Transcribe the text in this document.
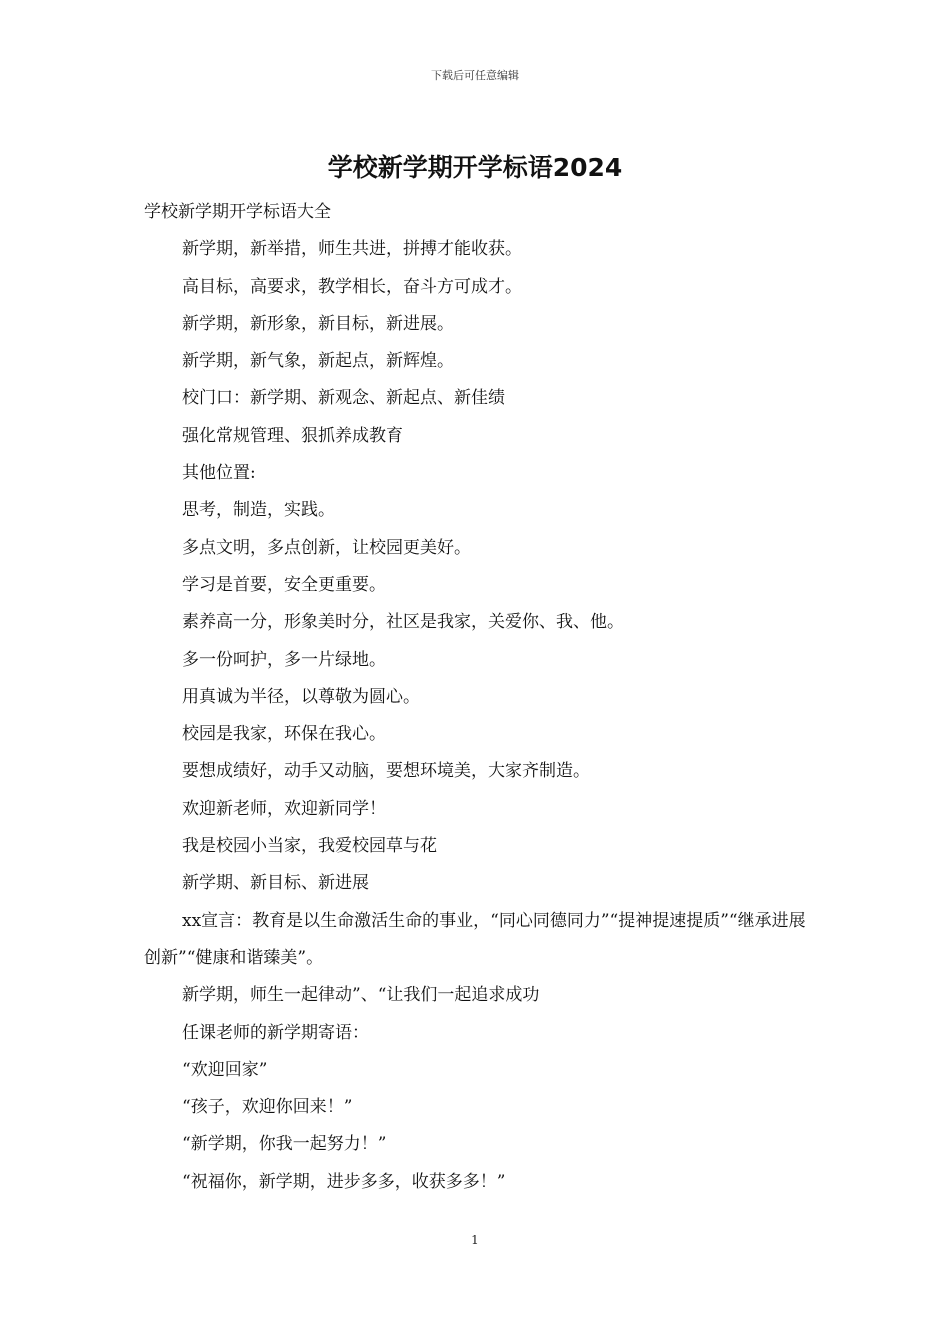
下载后可任意编辑
学校新学期开学标语2024

学校新学期开学标语大全

新学期，新举措，师生共进，拼搏才能收获。

高目标，高要求，教学相长，奋斗方可成才。

新学期，新形象，新目标，新进展。

新学期，新气象，新起点，新辉煌。

校门口：新学期、新观念、新起点、新佳绩

强化常规管理、狠抓养成教育

其他位置:

思考，制造，实践。

多点文明，多点创新，让校园更美好。

学习是首要，安全更重要。

素养高一分，形象美时分，社区是我家，关爱你、我、他。

多一份呵护，多一片绿地。

用真诚为半径，以尊敬为圆心。

校园是我家，环保在我心。

要想成绩好，动手又动脑，要想环境美，大家齐制造。

欢迎新老师，欢迎新同学！

我是校园小当家，我爱校园草与花

新学期、新目标、新进展

xx宣言：教育是以生命激活生命的事业，“同心同德同力”“提神提速提质”“继承进展创新”“健康和谐臻美”。

新学期，师生一起律动”、“让我们一起追求成功

任课老师的新学期寄语：

“欢迎回家”

“孩子，欢迎你回来！”

“新学期，你我一起努力！”

“祝福你，新学期，进步多多，收获多多！”

1
